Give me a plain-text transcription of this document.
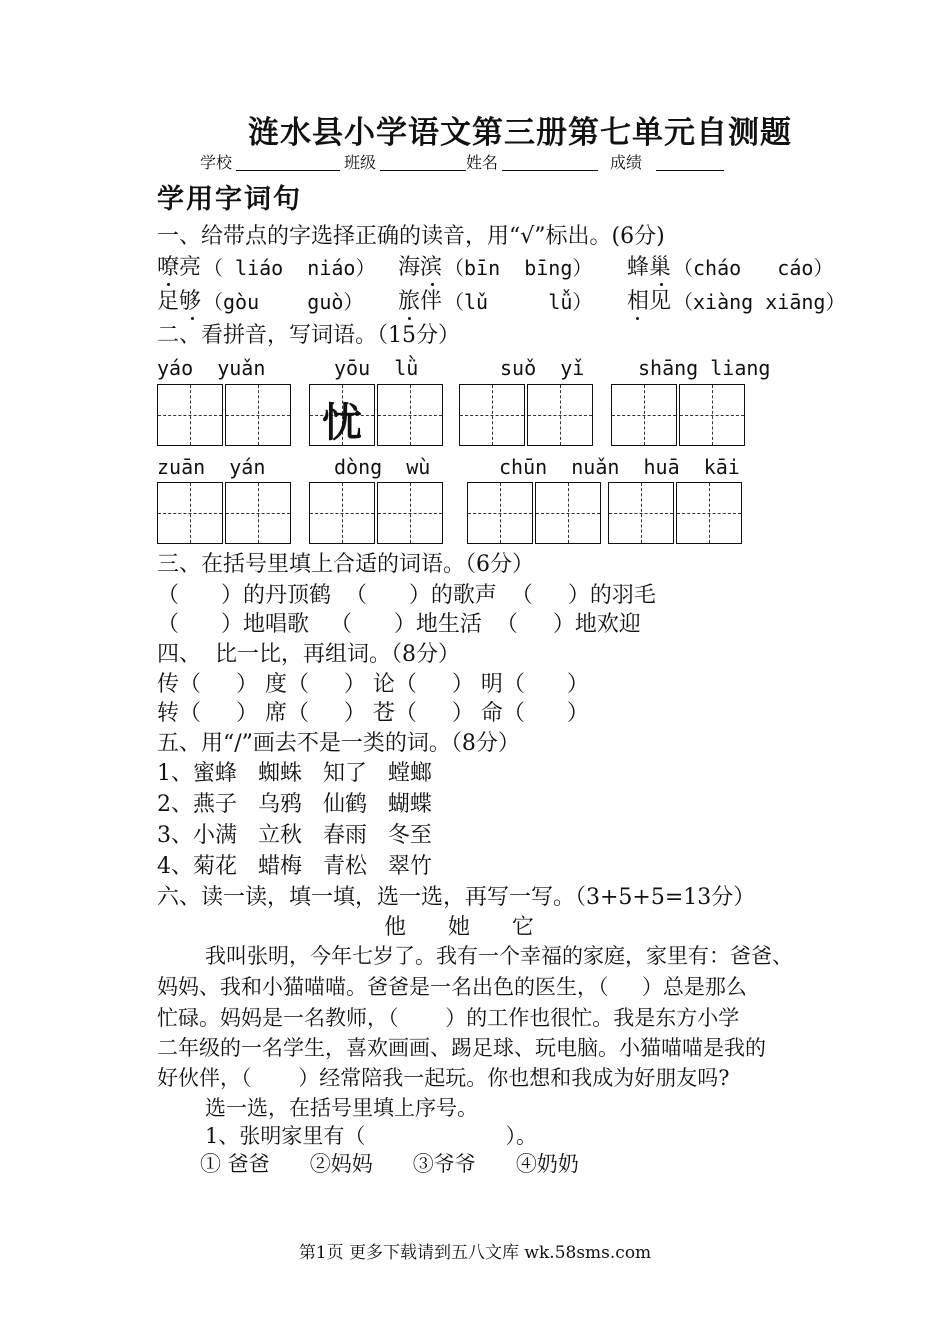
涟水县小学语文第三册第七单元自测题
学校	班级	姓名	成绩
学用字词句
一、给带点的字选择正确的读音，用“√”标出。(6分)
嘹亮 （ liáo  niáo） 海滨 （bīn  bīng） 蜂巢 （cháo   cáo）
足够 （gòu    guò） 旅伴 （lǔ     lǚ） 相见 （xiàng xiāng）
二、看拼音，写词语。（15分）
yáo  yuǎn	yōu  lǜ	suǒ  yǐ	shāng liang
忧
zuān  yán	dòng  wù	chūn  nuǎn  huā  kāi
三、在括号里填上合适的词语。（6分）
（      ）的丹顶鹤  （      ）的歌声  （     ）的羽毛
（      ）地唱歌   （      ）地生活  （     ）地欢迎
四、  比一比，再组词。（8分）
传（     ） 度（     ） 论（     ） 明（      ）
转（     ） 席（     ） 苍（     ） 命（      ）
五、用“/”画去不是一类的词。（8分）
1、蜜蜂   蜘蛛   知了   螳螂
2、燕子   乌鸦   仙鹤   蝴蝶
3、小满   立秋   春雨   冬至
4、菊花   蜡梅   青松   翠竹
六、读一读，填一填，选一选，再写一写。（3+5+5=13分）
他      她      它
我叫张明，今年七岁了。我有一个幸福的家庭，家里有：爸爸、
妈妈、我和小猫喵喵。爸爸是一名出色的医生，（     ）总是那么
忙碌。妈妈是一名教师，（       ）的工作也很忙。我是东方小学
二年级的一名学生，喜欢画画、踢足球、玩电脑。小猫喵喵是我的
好伙伴，（       ）经常陪我一起玩。你也想和我成为好朋友吗?
选一选，在括号里填上序号。
1、张明家里有（                     ）。
① 爸爸      ②妈妈      ③爷爷      ④奶奶
第1页 更多下载请到五八文库 wk.58sms.com
